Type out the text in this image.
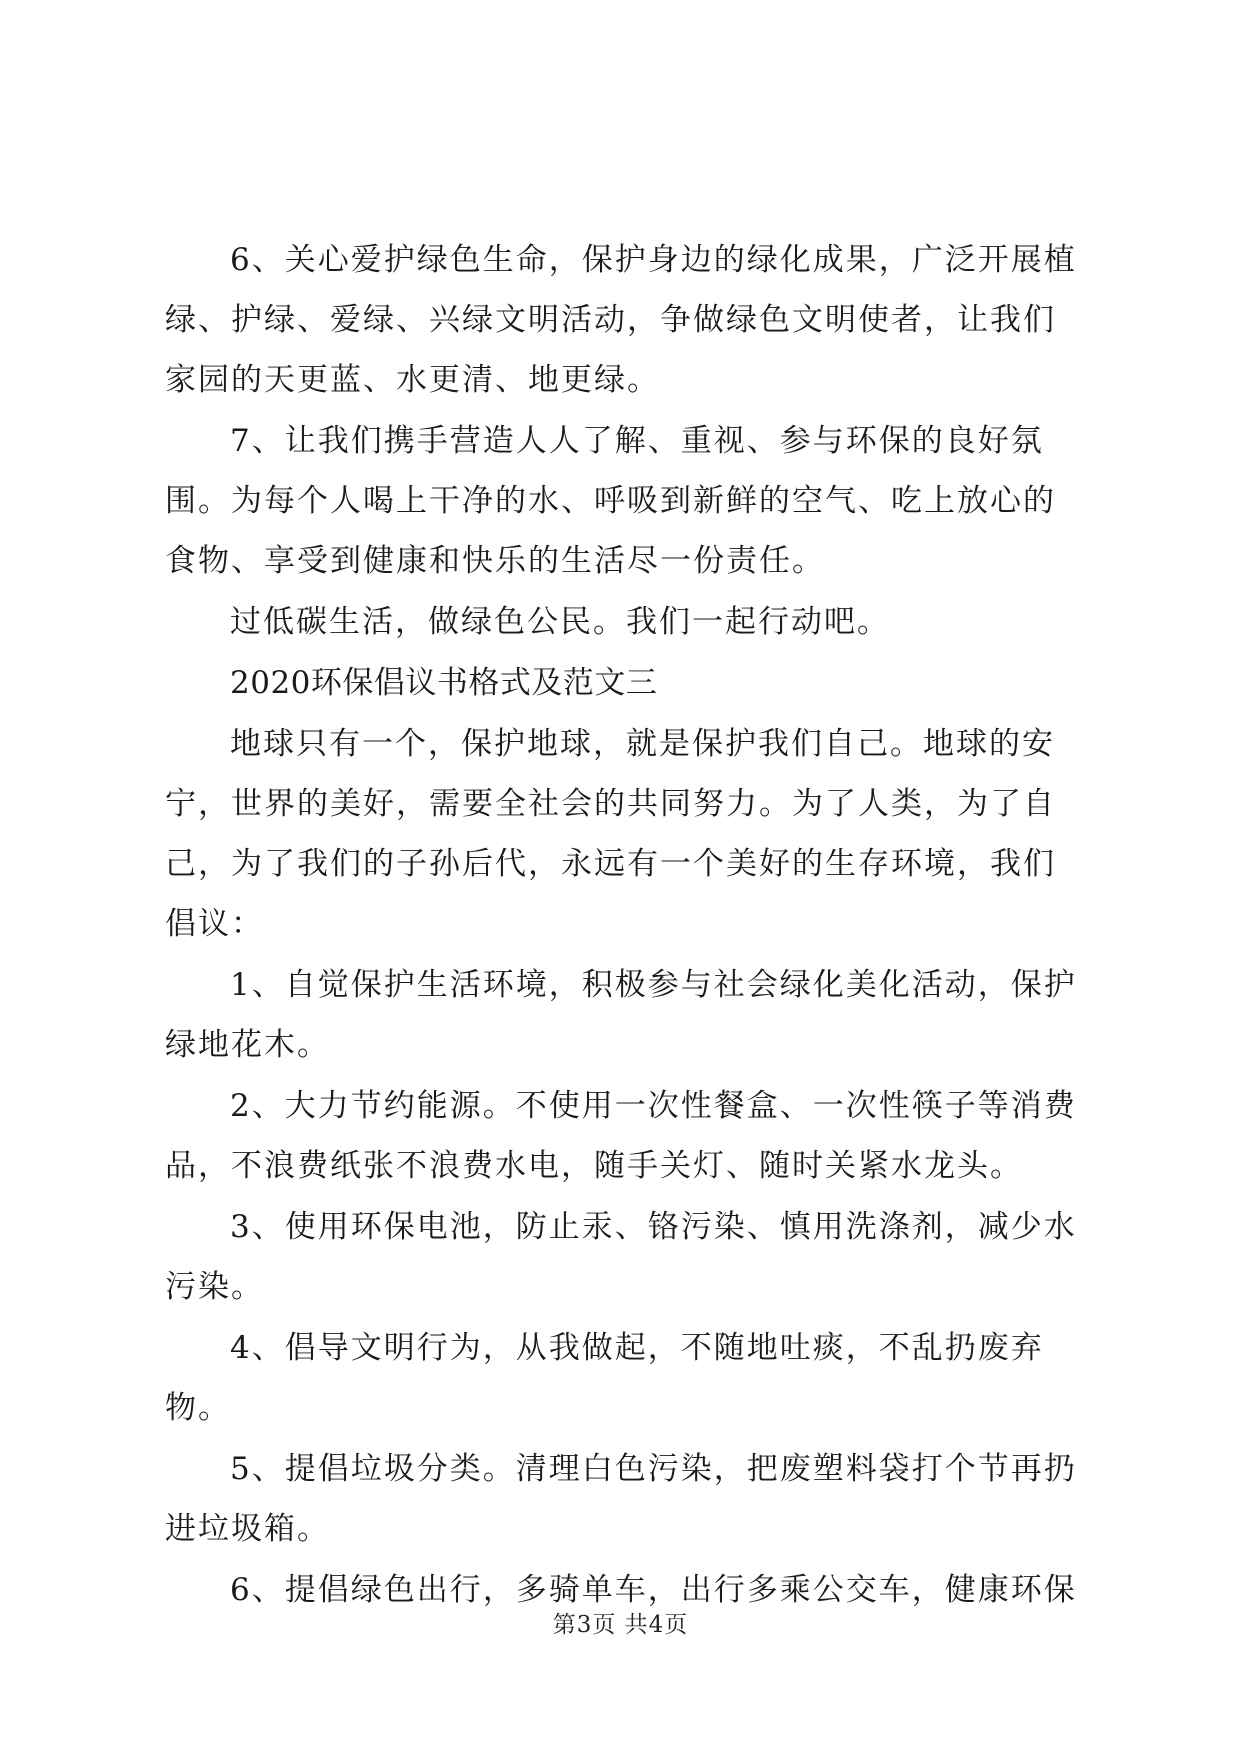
6、关心爱护绿色生命，保护身边的绿化成果，广泛开展植绿、护绿、爱绿、兴绿文明活动，争做绿色文明使者，让我们家园的天更蓝、水更清、地更绿。

7、让我们携手营造人人了解、重视、参与环保的良好氛围。为每个人喝上干净的水、呼吸到新鲜的空气、吃上放心的食物、享受到健康和快乐的生活尽一份责任。

过低碳生活，做绿色公民。我们一起行动吧。

2020环保倡议书格式及范文三

地球只有一个，保护地球，就是保护我们自己。地球的安宁，世界的美好，需要全社会的共同努力。为了人类，为了自己，为了我们的子孙后代，永远有一个美好的生存环境，我们倡议：

1、自觉保护生活环境，积极参与社会绿化美化活动，保护绿地花木。

2、大力节约能源。不使用一次性餐盒、一次性筷子等消费品，不浪费纸张不浪费水电，随手关灯、随时关紧水龙头。

3、使用环保电池，防止汞、铬污染、慎用洗涤剂，减少水污染。

4、倡导文明行为，从我做起，不随地吐痰，不乱扔废弃物。

5、提倡垃圾分类。清理白色污染，把废塑料袋打个节再扔进垃圾箱。

6、提倡绿色出行，多骑单车，出行多乘公交车，健康环保

第3页 共4页
